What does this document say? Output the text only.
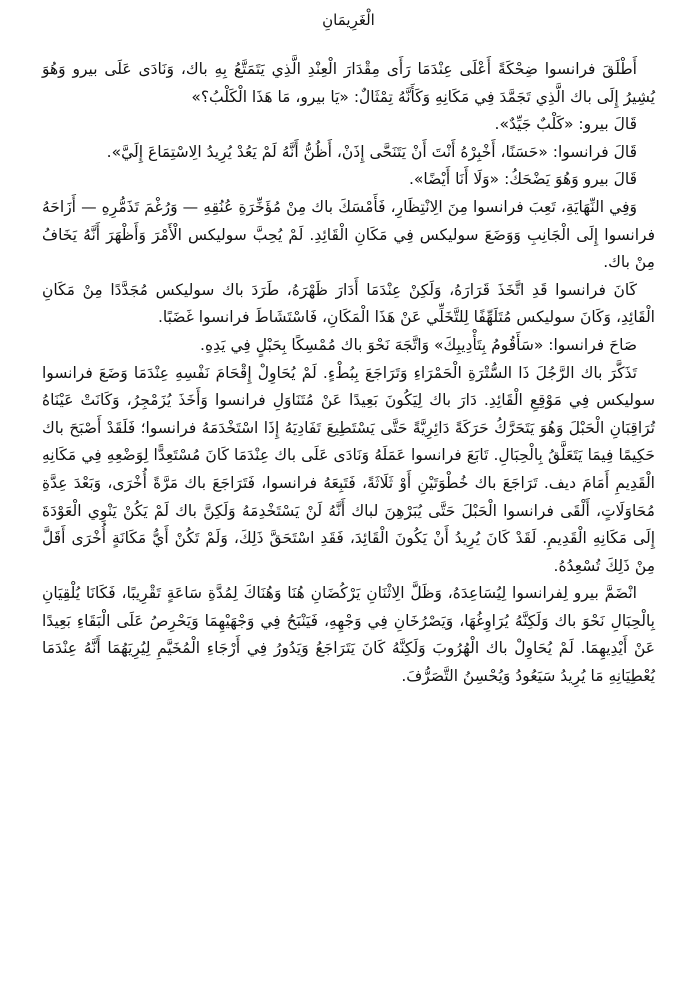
الْغَرِيمَانِ

أَطْلَقَ فرانسوا ضِحْكَةً أَعْلَى عِنْدَمَا رَأَى مِقْدَارَ الْعِنْدِ الَّذِي يَتَمَتَّعُ بِهِ باك، وَنَادَى عَلَى بيرو وَهُوَ يُشِيرُ إِلَى باك الَّذِي تَجَمَّدَ فِي مَكَانِهِ وَكَأَنَّهُ تِمْثَالٌ: «يَا بيرو، مَا هَذَا الْكَلْبُ؟»

قَالَ بيرو: «كَلْبٌ جَيِّدٌ».

قَالَ فرانسوا: «حَسَنًا، أَخْبِرْهُ أَنْتَ أَنْ يَتَنَحَّى إِذَنْ، أَظُنُّ أَنَّهُ لَمْ يَعُدْ يُرِيدُ الِاسْتِمَاعَ إِلَيَّ».

قَالَ بيرو وَهُوَ يَضْحَكُ: «وَلَا أَنَا أَيْضًا».

وَفِي النِّهَايَةِ، تَعِبَ فرانسوا مِنَ الِانْتِظَارِ، فَأَمْسَكَ باك مِنْ مُؤَخِّرَةِ عُنُقِهِ — وَرُغْمَ تَذَمُّرِهِ — أَزَاحَهُ فرانسوا إِلَى الْجَانِبِ وَوَضَعَ سوليكس فِي مَكَانِ الْقَائِدِ. لَمْ يُحِبَّ سوليكس الْأَمْرَ وَأَظْهَرَ أَنَّهُ يَخَافُ مِنْ باك.

كَانَ فرانسوا قَدِ اتَّخَذَ قَرَارَهُ، وَلَكِنْ عِنْدَمَا أَدَارَ ظَهْرَهُ، طَرَدَ باك سوليكس مُجَدَّدًا مِنْ مَكَانِ الْقَائِدِ، وَكَانَ سوليكس مُتَلَهِّفًا لِلتَّخَلِّي عَنْ هَذَا الْمَكَانِ، فَاسْتَشَاطَ فرانسوا غَضَبًا.

صَاحَ فرانسوا: «سَأَقُومُ بِتَأْدِيبِكَ» وَاتَّجَهَ نَحْوَ باك مُمْسِكًا بِحَبْلٍ فِي يَدِهِ.

تَذَكَّرَ باك الرَّجُلَ ذَا السُّتْرَةِ الْحَمْرَاءِ وَتَرَاجَعَ بِبُطْءٍ. لَمْ يُحَاوِلْ إِقْحَامَ نَفْسِهِ عِنْدَمَا وَضَعَ فرانسوا سوليكس فِي مَوْقِعِ الْقَائِدِ. دَارَ باك لِيَكُونَ بَعِيدًا عَنْ مُتَنَاوَلِ فرانسوا وَأَخَذَ يُزَمْجِرُ، وَكَانَتْ عَيْنَاهُ تُرَاقِبَانِ الْحَبْلَ وَهُوَ يَتَحَرَّكُ حَرَكَةً دَائِرِيَّةً حَتَّى يَسْتَطِيعَ تَفَادِيَهُ إِذَا اسْتَخْدَمَهُ فرانسوا؛ فَلَقَدْ أَصْبَحَ باك حَكِيمًا فِيمَا يَتَعَلَّقُ بِالْحِبَالِ. تَابَعَ فرانسوا عَمَلَهُ وَنَادَى عَلَى باك عِنْدَمَا كَانَ مُسْتَعِدًّا لِوَضْعِهِ فِي مَكَانِهِ الْقَدِيمِ أَمَامَ ديف. تَرَاجَعَ باك خُطْوَتَيْنِ أَوْ ثَلَاثَةً، فَتَبِعَهُ فرانسوا، فَتَرَاجَعَ باك مَرَّةً أُخْرَى، وَبَعْدَ عِدَّةِ مُحَاوَلَاتٍ، أَلْقَى فرانسوا الْحَبْلَ حَتَّى يُبَرْهِنَ لباك أَنَّهُ لَنْ يَسْتَخْدِمَهُ وَلَكِنَّ باك لَمْ يَكُنْ يَنْوِي الْعَوْدَةَ إِلَى مَكَانِهِ الْقَدِيمِ. لَقَدْ كَانَ يُرِيدُ أَنْ يَكُونَ الْقَائِدَ، فَقَدِ اسْتَحَقَّ ذَلِكَ، وَلَمْ تَكُنْ أَيُّ مَكَانَةٍ أُخْرَى أَقَلَّ مِنْ ذَلِكَ تُسْعِدُهُ.

انْضَمَّ بيرو لِفرانسوا لِيُسَاعِدَهُ، وَظَلَّ الِاثْنَانِ يَرْكُضَانِ هُنَا وَهُنَاكَ لِمُدَّةِ سَاعَةٍ تَقْرِيبًا، فَكَانَا يُلْقِيَانِ بِالْحِبَالِ نَحْوَ باك وَلَكِنَّهُ يُرَاوِغُهَا، وَيَصْرُخَانِ فِي وَجْهِهِ، فَيَنْبَحُ فِي وَجْهَيْهِمَا وَيَحْرِصُ عَلَى الْبَقَاءِ بَعِيدًا عَنْ أَيْدِيهِمَا. لَمْ يُحَاوِلْ باك الْهُرُوبَ وَلَكِنَّهُ كَانَ يَتَرَاجَعُ وَيَدُورُ فِي أَرْجَاءِ الْمُخَيَّمِ لِيُرِيَهُمَا أَنَّهُ عِنْدَمَا يُعْطِيَانِهِ مَا يُرِيدُ سَيَعُودُ وَيُحْسِنُ التَّصَرُّفَ.
